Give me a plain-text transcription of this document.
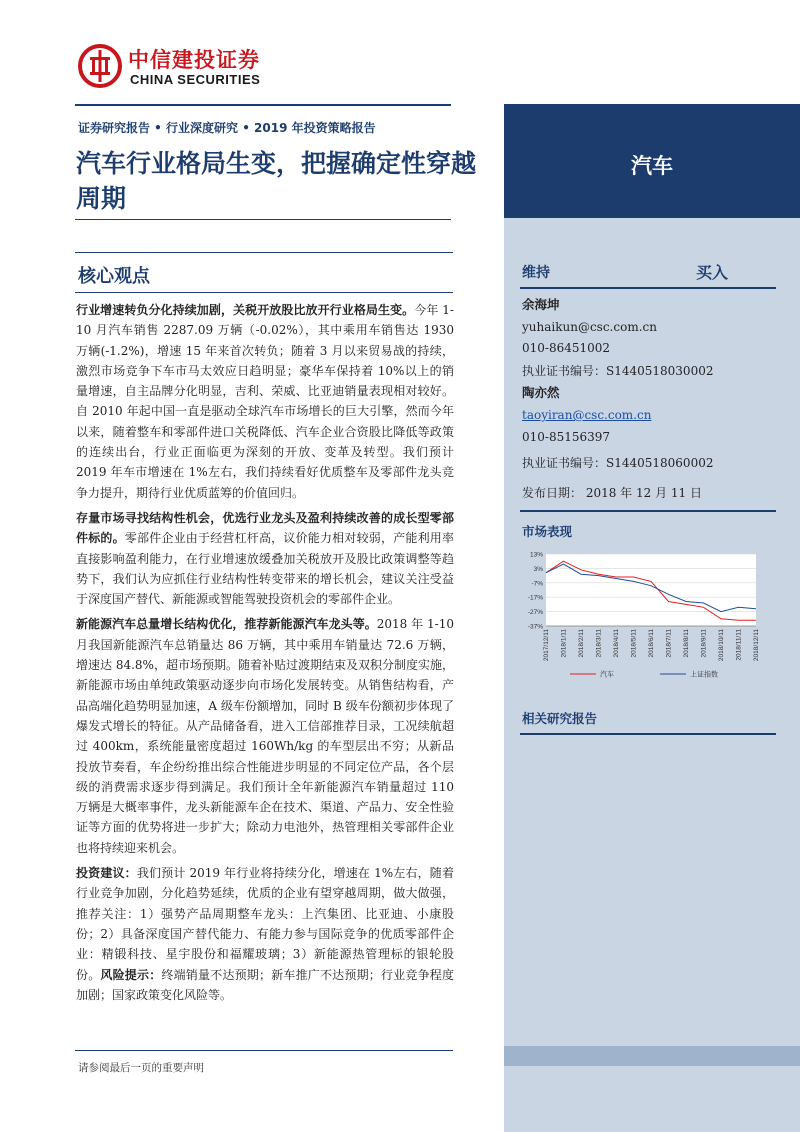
中信建投证券
CHINA SECURITIES
汽车
证券研究报告 • 行业深度研究 • 2019 年投资策略报告
汽车行业格局生变，把握确定性穿越周期
核心观点

行业增速转负分化持续加剧，关税开放股比放开行业格局生变。今年 1-10 月汽车销售 2287.09 万辆（-0.02%），其中乘用车销售达 1930 万辆(-1.2%)，增速 15 年来首次转负；随着 3 月以来贸易战的持续，激烈市场竞争下车市马太效应日趋明显；豪华车保持着 10%以上的销量增速，自主品牌分化明显，吉利、荣威、比亚迪销量表现相对较好。自 2010 年起中国一直是驱动全球汽车市场增长的巨大引擎，然而今年以来，随着整车和零部件进口关税降低、汽车企业合资股比降低等政策的连续出台，行业正面临更为深刻的开放、变革及转型。我们预计 2019 年车市增速在 1%左右，我们持续看好优质整车及零部件龙头竞争力提升，期待行业优质蓝筹的价值回归。

存量市场寻找结构性机会，优选行业龙头及盈利持续改善的成长型零部件标的。零部件企业由于经营杠杆高，议价能力相对较弱，产能利用率直接影响盈利能力，在行业增速放缓叠加关税放开及股比政策调整等趋势下，我们认为应抓住行业结构性转变带来的增长机会，建议关注受益于深度国产替代、新能源或智能驾驶投资机会的零部件企业。

新能源汽车总量增长结构优化，推荐新能源汽车龙头等。2018 年 1-10 月我国新能源汽车总销量达 86 万辆，其中乘用车销量达 72.6 万辆，增速达 84.8%，超市场预期。随着补贴过渡期结束及双积分制度实施，新能源市场由单纯政策驱动逐步向市场化发展转变。从销售结构看，产品高端化趋势明显加速，A 级车份额增加，同时 B 级车份额初步体现了爆发式增长的特征。从产品储备看，进入工信部推荐目录，工况续航超过 400km，系统能量密度超过 160Wh/kg 的车型层出不穷；从新品投放节奏看，车企纷纷推出综合性能进步明显的不同定位产品，各个层级的消费需求逐步得到满足。我们预计全年新能源汽车销量超过 110 万辆是大概率事件，龙头新能源车企在技术、渠道、产品力、安全性验证等方面的优势将进一步扩大；除动力电池外，热管理相关零部件企业也将持续迎来机会。

投资建议：我们预计 2019 年行业将持续分化，增速在 1%左右，随着行业竞争加剧，分化趋势延续，优质的企业有望穿越周期，做大做强，推荐关注：1）强势产品周期整车龙头：上汽集团、比亚迪、小康股份；2）具备深度国产替代能力、有能力参与国际竞争的优质零部件企业：精锻科技、星宇股份和福耀玻璃；3）新能源热管理标的银轮股份。风险提示：终端销量不达预期；新车推广不达预期；行业竞争程度加剧；国家政策变化风险等。

请参阅最后一页的重要声明
维持	买入
余海坤
yuhaikun@csc.com.cn
010-86451002
执业证书编号：S1440518030002
陶亦然
taoyiran@csc.com.cn
010-85156397
执业证书编号：S1440518060002
发布日期： 2018 年 12 月 11 日
市场表现
13%
3%
-7%
-17%
-27%
-37%
2017/12/11 2018/1/11 2018/2/11 2018/3/11 2018/4/11 2018/5/11 2018/6/11 2018/7/11 2018/8/11 2018/9/11 2018/10/11 2018/11/11 2018/12/11
汽车	上证指数
相关研究报告
